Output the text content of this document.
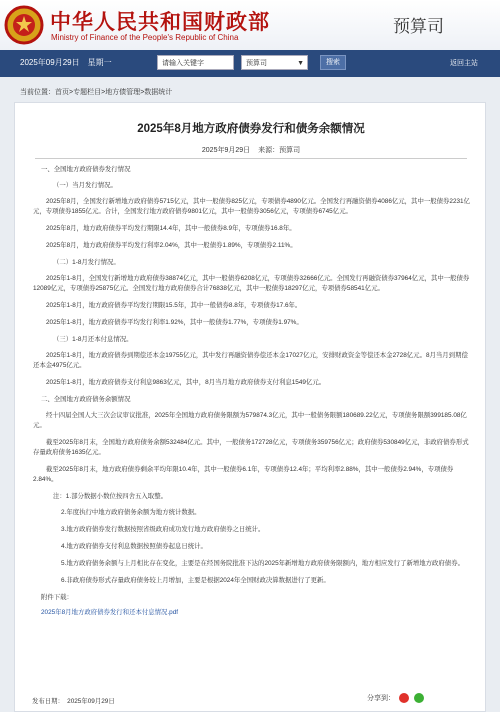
中华人民共和国财政部
Ministry of Finance of the People's Republic of China
预算司
2025年09月29日　星期一	请输入关键字	预算司	▼	搜索	返回主站
当前位置：首页>专题栏目>地方债管理>数据统计
2025年8月地方政府债券发行和债务余额情况
2025年9月29日 来源：预算司

一、全国地方政府债券发行情况

（一）当月发行情况。

2025年8月，全国发行新增地方政府债券5715亿元，其中一般债券825亿元，专项债券4890亿元。全国发行再融资债券4086亿元，其中一般债券2231亿元，专项债券1855亿元。合计，全国发行地方政府债券9801亿元，其中一般债券3056亿元，专项债券6745亿元。

2025年8月，地方政府债券平均发行期限14.4年，其中一般债券8.9年，专项债券16.8年。

2025年8月，地方政府债券平均发行利率2.04%，其中一般债券1.89%，专项债券2.11%。

（二）1-8月发行情况。

2025年1-8月，全国发行新增地方政府债券38874亿元，其中一般债券6208亿元，专项债券32666亿元。全国发行再融资债券37964亿元，其中一般债券12089亿元，专项债券25875亿元。全国发行地方政府债券合计76838亿元，其中一般债券18297亿元，专项债券58541亿元。

2025年1-8月，地方政府债券平均发行期限15.5年，其中一般债券8.8年，专项债券17.6年。

2025年1-8月，地方政府债券平均发行利率1.92%，其中一般债券1.77%，专项债券1.97%。

（三）1-8月还本付息情况。

2025年1-8月，地方政府债券到期偿还本金19755亿元，其中发行再融资债券偿还本金17027亿元，安排财政资金等偿还本金2728亿元。8月当月到期偿还本金4975亿元。

2025年1-8月，地方政府债券支付利息9863亿元，其中，8月当月地方政府债券支付利息1549亿元。

二、全国地方政府债务余额情况

经十四届全国人大三次会议审议批准，2025年全国地方政府债务限额为579874.3亿元，其中一般债务限额180689.22亿元，专项债务限额399185.08亿元。

截至2025年8月末，全国地方政府债务余额532484亿元。其中，一般债务172728亿元，专项债务359756亿元；政府债券530849亿元，非政府债券形式存量政府债务1635亿元。

截至2025年8月末，地方政府债券剩余平均年限10.4年，其中一般债券6.1年，专项债券12.4年；平均利率2.88%，其中一般债券2.94%，专项债券2.84%。

注：1.部分数据小数位按四舍五入取整。

2.年度执行中地方政府债务余额为地方统计数据。

3.地方政府债券发行数据按照省级政府成功发行地方政府债券之日统计。

4.地方政府债券支付利息数据按照债券起息日统计。

5.地方政府债务余额与上月相比存在变化，主要是在经国务院批准下达的2025年新增地方政府债务限额内，地方相应发行了新增地方政府债券。

6.非政府债券形式存量政府债务较上月增加，主要是根据2024年全国财政决算数据进行了更新。

附件下载：

2025年8月地方政府债券发行和还本付息情况.pdf

发布日期：　2025年09月29日	分享到：
